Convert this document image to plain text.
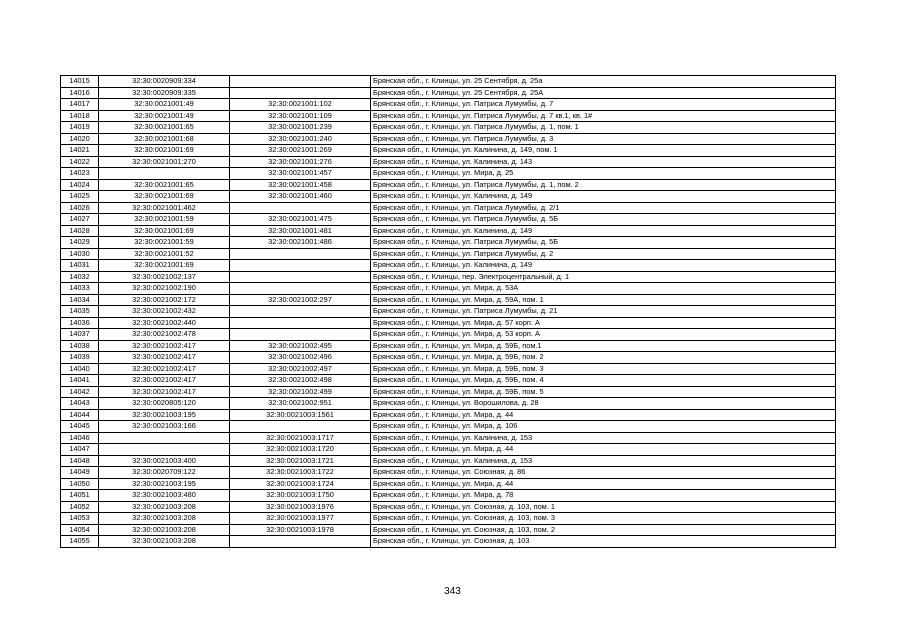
14015	32:30:0020909:334		Брянская обл., г. Клинцы, ул. 25 Сентября, д. 25а
14016	32:30:0020909:335		Брянская обл., г. Клинцы, ул. 25 Сентября, д. 25А
14017	32:30:0021001:49	32:30:0021001:102	Брянская обл., г. Клинцы, ул. Патриса Лумумбы, д. 7
14018	32:30:0021001:49	32:30:0021001:109	Брянская обл., г. Клинцы, ул. Патриса Лумумбы, д. 7 кв.1, кв. 1#
14019	32:30:0021001:65	32:30:0021001:239	Брянская обл., г. Клинцы, ул. Патриса Лумумбы, д. 1, пом. 1
14020	32:30:0021001:68	32:30:0021001:240	Брянская обл., г. Клинцы, ул. Патриса Лумумбы, д. 3
14021	32:30:0021001:69	32:30:0021001:269	Брянская обл., г. Клинцы, ул. Калинина, д. 149, пом. 1
14022	32:30:0021001:270	32:30:0021001:276	Брянская обл., г. Клинцы, ул. Калинина, д. 143
14023		32:30:0021001:457	Брянская обл., г. Клинцы, ул. Мира, д. 25
14024	32:30:0021001:65	32:30:0021001:458	Брянская обл., г. Клинцы, ул. Патриса Лумумбы, д. 1, пом. 2
14025	32:30:0021001:69	32:30:0021001:460	Брянская обл., г. Клинцы, ул. Калинина, д. 149
14026	32:30:0021001:462		Брянская обл., г. Клинцы, ул. Патриса Лумумбы, д. 2/1
14027	32:30:0021001:59	32:30:0021001:475	Брянская обл., г. Клинцы, ул. Патриса Лумумбы, д. 5Б
14028	32:30:0021001:69	32:30:0021001:481	Брянская обл., г. Клинцы, ул. Калинина, д. 149
14029	32:30:0021001:59	32:30:0021001:486	Брянская обл., г. Клинцы, ул. Патриса Лумумбы, д. 5Б
14030	32:30:0021001:52		Брянская обл., г. Клинцы, ул. Патриса Лумумбы, д. 2
14031	32:30:0021001:69		Брянская обл., г. Клинцы, ул. Калинина, д. 149
14032	32:30:0021002:137		Брянская обл., г. Клинцы, пер. Электроцентральный, д. 1
14033	32:30:0021002:190		Брянская обл., г. Клинцы, ул. Мира, д. 53А
14034	32:30:0021002:172	32:30:0021002:297	Брянская обл., г. Клинцы, ул. Мира, д. 59А, пом. 1
14035	32:30:0021002:432		Брянская обл., г. Клинцы, ул. Патриса Лумумбы, д. 21
14036	32:30:0021002:440		Брянская обл., г. Клинцы, ул. Мира, д. 57 корп. А
14037	32:30:0021002:478		Брянская обл., г. Клинцы, ул. Мира, д. 53 корп. А
14038	32:30:0021002:417	32:30:0021002:495	Брянская обл., г. Клинцы, ул. Мира, д. 59Б, пом.1
14039	32:30:0021002:417	32:30:0021002:496	Брянская обл., г. Клинцы, ул. Мира, д. 59Б, пом. 2
14040	32:30:0021002:417	32:30:0021002:497	Брянская обл., г. Клинцы, ул. Мира, д. 59Б, пом. 3
14041	32:30:0021002:417	32:30:0021002:498	Брянская обл., г. Клинцы, ул. Мира, д. 59Б, пом. 4
14042	32:30:0021002:417	32:30:0021002:499	Брянская обл., г. Клинцы, ул. Мира, д. 59Б, пом. 5
14043	32:30:0020805:120	32:30:0021002:951	Брянская обл., г. Клинцы, ул. Ворошилова, д. 28
14044	32:30:0021003:195	32:30:0021003:1561	Брянская обл., г. Клинцы, ул. Мира, д. 44
14045	32:30:0021003:166		Брянская обл., г. Клинцы, ул. Мира, д. 106
14046		32:30:0021003:1717	Брянская обл., г. Клинцы, ул. Калинина, д. 153
14047		32:30:0021003:1720	Брянская обл., г. Клинцы, ул. Мира, д. 44
14048	32:30:0021003:400	32:30:0021003:1721	Брянская обл., г. Клинцы, ул. Калинина, д. 153
14049	32:30:0020709:122	32:30:0021003:1722	Брянская обл., г. Клинцы, ул. Союзная, д. 86
14050	32:30:0021003:195	32:30:0021003:1724	Брянская обл., г. Клинцы, ул. Мира, д. 44
14051	32:30:0021003:480	32:30:0021003:1750	Брянская обл., г. Клинцы, ул. Мира, д. 78
14052	32:30:0021003:208	32:30:0021003:1976	Брянская обл., г. Клинцы, ул. Союзная, д. 103, пом. 1
14053	32:30:0021003:208	32:30:0021003:1977	Брянская обл., г. Клинцы, ул. Союзная, д. 103, пом. 3
14054	32:30:0021003:208	32:30:0021003:1978	Брянская обл., г. Клинцы, ул. Союзная, д. 103, пом. 2
14055	32:30:0021003:208		Брянская обл., г. Клинцы, ул. Союзная, д. 103
343
